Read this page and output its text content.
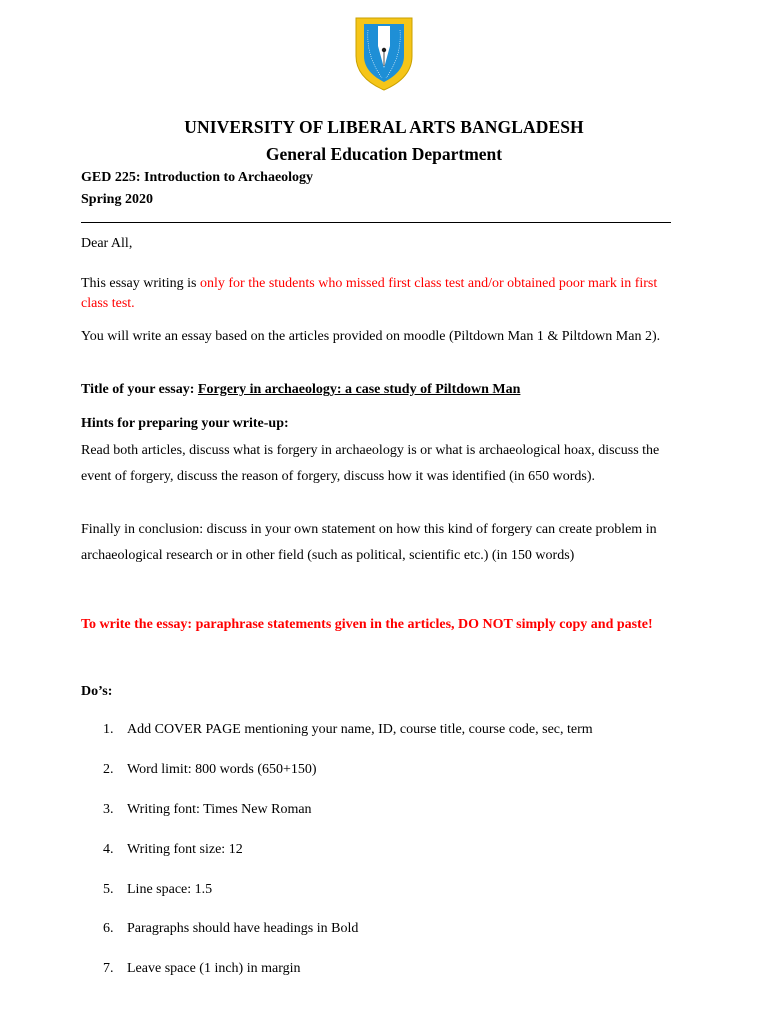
UNIVERSITY OF LIBERAL ARTS BANGLADESH
General Education Department
GED 225: Introduction to Archaeology
Spring 2020
Dear All,
This essay writing is only for the students who missed first class test and/or obtained poor mark in first class test.
You will write an essay based on the articles provided on moodle (Piltdown Man 1 & Piltdown Man 2).
Title of your essay: Forgery in archaeology: a case study of Piltdown Man
Hints for preparing your write-up:
Read both articles, discuss what is forgery in archaeology is or what is archaeological hoax, discuss the event of forgery, discuss the reason of forgery, discuss how it was identified (in 650 words).
Finally in conclusion: discuss in your own statement on how this kind of forgery can create problem in archaeological research or in other field (such as political, scientific etc.) (in 150 words)
To write the essay: paraphrase statements given in the articles, DO NOT simply copy and paste!
Do’s:
1. Add COVER PAGE mentioning your name, ID, course title, course code, sec, term
2. Word limit: 800 words (650+150)
3. Writing font: Times New Roman
4. Writing font size: 12
5. Line space: 1.5
6. Paragraphs should have headings in Bold
7. Leave space (1 inch) in margin
